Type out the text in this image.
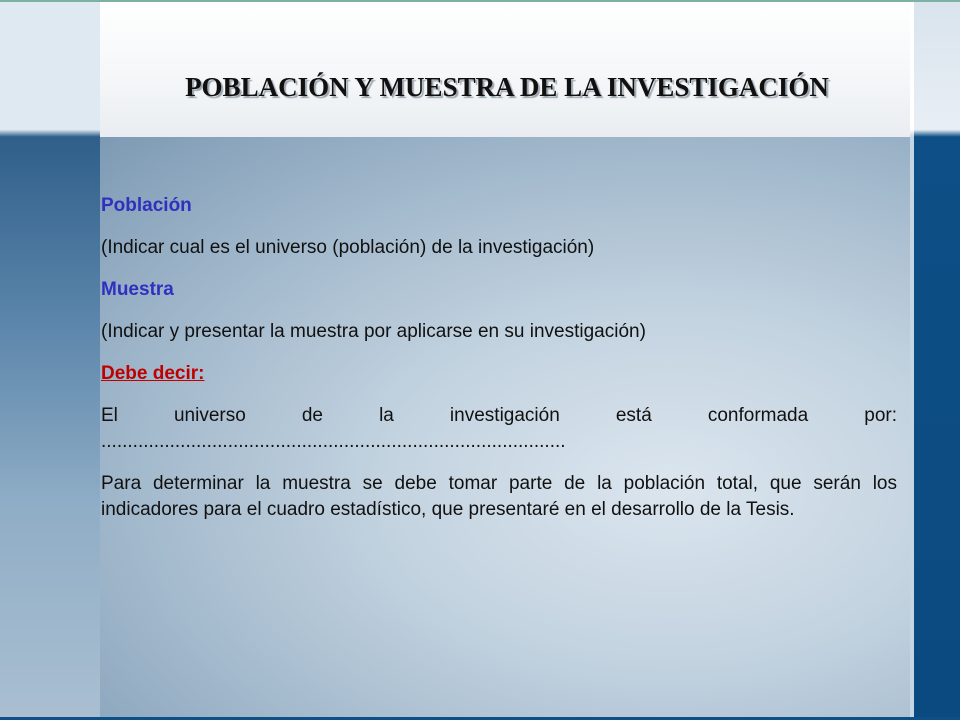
POBLACIÓN Y MUESTRA DE LA INVESTIGACIÓN

Población

(Indicar cual es el universo (población) de la investigación)

Muestra

(Indicar y presentar la muestra por aplicarse en su investigación)

Debe decir:

El universo de la investigación está conformada por:
........................................................................................

Para determinar la muestra se debe tomar parte de la población total, que serán los indicadores para el cuadro estadístico, que presentaré en el desarrollo de la Tesis.
